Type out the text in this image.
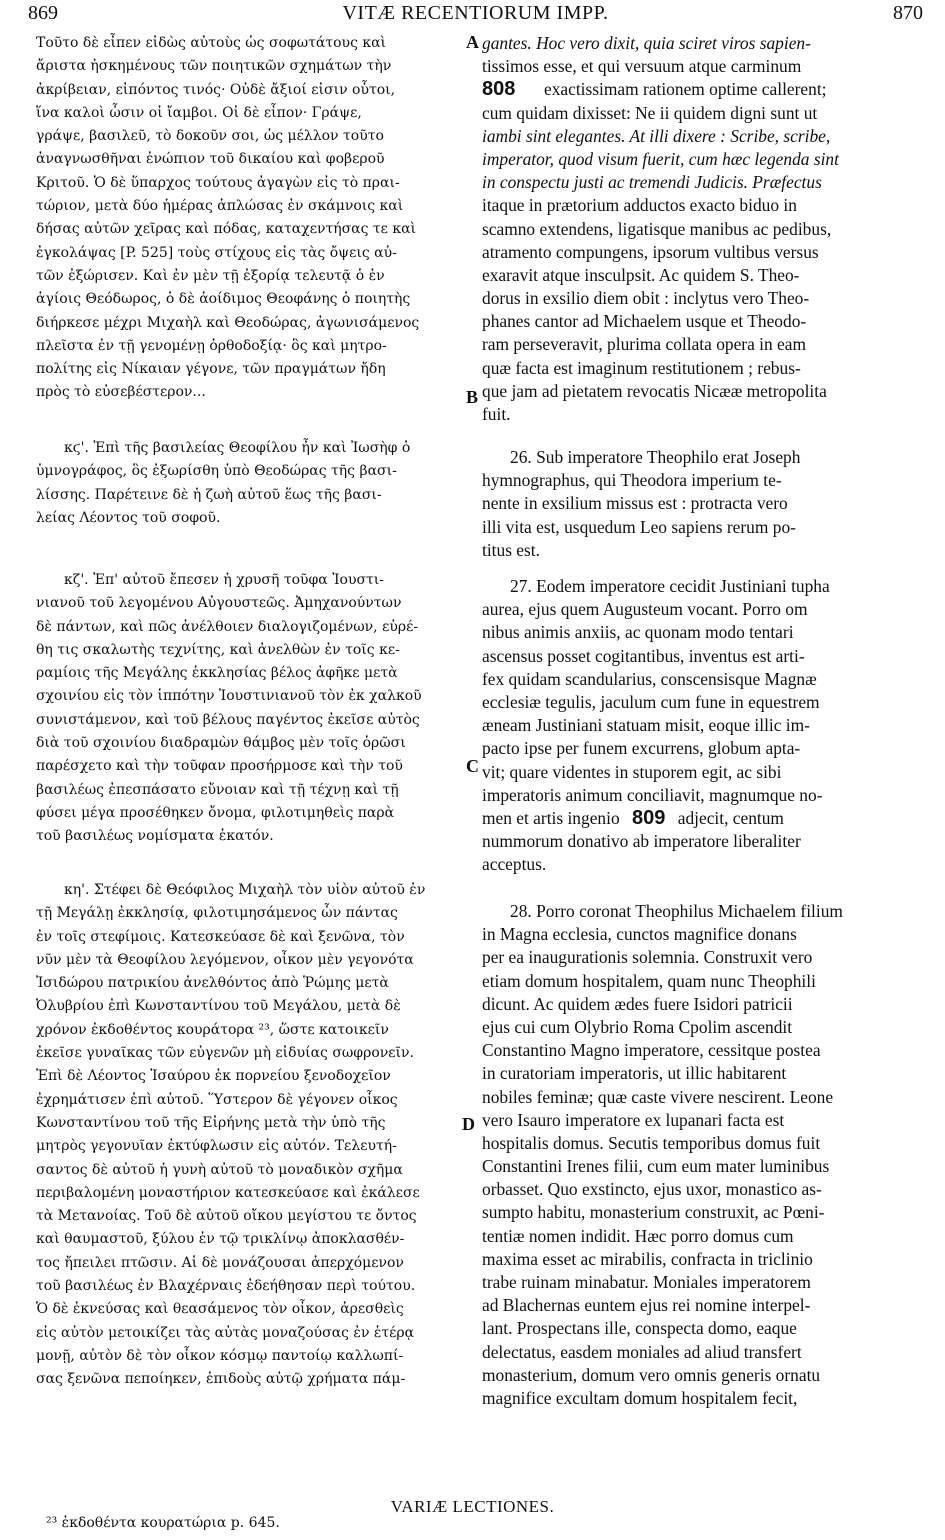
869	VITÆ RECENTIORUM IMPP.	870
Τοῦτο δὲ εἶπεν εἰδὼς αὐτοὺς ὡς σοφωτάτους καὶ
ἄριστα ἠσκημένους τῶν ποιητικῶν σχημάτων τὴν
ἀκρίβειαν, εἰπόντος τινός· Οὐδὲ ἄξιοί εἰσιν οὗτοι,
ἵνα καλοὶ ὦσιν οἱ ἴαμβοι. Οἱ δὲ εἶπον· Γράψε,
γράψε, βασιλεῦ, τὸ δοκοῦν σοι, ὡς μέλλον τοῦτο
ἀναγνωσθῆναι ἐνώπιον τοῦ δικαίου καὶ φοβεροῦ
Κριτοῦ. Ὁ δὲ ὕπαρχος τούτους ἀγαγὼν εἰς τὸ πραι-
τώριον, μετὰ δύο ἡμέρας ἁπλώσας ἐν σκάμνοις καὶ
δήσας αὐτῶν χεῖρας καὶ πόδας, καταχεντήσας τε καὶ
ἐγκολάψας [P. 525] τοὺς στίχους εἰς τὰς ὄψεις αὐ-
τῶν ἐξώρισεν. Καὶ ἐν μὲν τῇ ἐξορίᾳ τελευτᾷ ὁ ἐν
ἁγίοις Θεόδωρος, ὁ δὲ ἀοίδιμος Θεοφάνης ὁ ποιητὴς
διήρκεσε μέχρι Μιχαὴλ καὶ Θεοδώρας, ἀγωνισάμενος
πλεῖστα ἐν τῇ γενομένῃ ὀρθοδοξίᾳ· ὃς καὶ μητρο-
πολίτης εἰς Νίκαιαν γέγονε, τῶν πραγμάτων ἤδη
πρὸς τὸ εὐσεβέστερον...
κϛ'. Ἐπὶ τῆς βασιλείας Θεοφίλου ἦν καὶ Ἰωσὴφ ὁ
ὑμνογράφος, ὃς ἐξωρίσθη ὑπὸ Θεοδώρας τῆς βασι-
λίσσης. Παρέτεινε δὲ ἡ ζωὴ αὐτοῦ ἕως τῆς βασι-
λείας Λέοντος τοῦ σοφοῦ.
κζ'. Ἐπ' αὐτοῦ ἔπεσεν ἡ χρυσῆ τοῦφα Ἰουστι-
νιανοῦ τοῦ λεγομένου Αὐγουστεῶς. Ἀμηχανούντων
δὲ πάντων, καὶ πῶς ἀνέλθοιεν διαλογιζομένων, εὑρέ-
θη τις σκαλωτὴς τεχνίτης, καὶ ἀνελθὼν ἐν τοῖς κε-
ραμίοις τῆς Μεγάλης ἐκκλησίας βέλος ἀφῆκε μετὰ
σχοινίου εἰς τὸν ἱππότην Ἰουστινιανοῦ τὸν ἐκ χαλκοῦ
συνιστάμενον, καὶ τοῦ βέλους παγέντος ἐκεῖσε αὐτὸς
διὰ τοῦ σχοινίου διαδραμὼν θάμβος μὲν τοῖς ὁρῶσι
παρέσχετο καὶ τὴν τοῦφαν προσήρμοσε καὶ τὴν τοῦ
βασιλέως ἐπεσπάσατο εὔνοιαν καὶ τῇ τέχνῃ καὶ τῇ
φύσει μέγα προσέθηκεν ὄνομα, φιλοτιμηθεὶς παρὰ
τοῦ βασιλέως νομίσματα ἑκατόν.
κη'. Στέφει δὲ Θεόφιλος Μιχαὴλ τὸν υἱὸν αὐτοῦ ἐν
τῇ Μεγάλῃ ἐκκλησίᾳ, φιλοτιμησάμενος ὧν πάντας
ἐν τοῖς στεφίμοις. Κατεσκεύασε δὲ καὶ ξενῶνα, τὸν
νῦν μὲν τὰ Θεοφίλου λεγόμενον, οἶκον μὲν γεγονότα
Ἰσιδώρου πατρικίου ἀνελθόντος ἀπὸ Ῥώμης μετὰ
Ὀλυβρίου ἐπὶ Κωνσταντίνου τοῦ Μεγάλου, μετὰ δὲ
χρόνον ἐκδοθέντος κουράτορα ²³, ὥστε κατοικεῖν
ἐκεῖσε γυναῖκας τῶν εὐγενῶν μὴ εἰδυίας σωφρονεῖν.
Ἐπὶ δὲ Λέοντος Ἰσαύρου ἐκ πορνείου ξενοδοχεῖον
ἐχρημάτισεν ἐπὶ αὐτοῦ. Ὕστερον δὲ γέγονεν οἶκος
Κωνσταντίνου τοῦ τῆς Εἰρήνης μετὰ τὴν ὑπὸ τῆς
μητρὸς γεγονυῖαν ἐκτύφλωσιν εἰς αὐτόν. Τελευτή-
σαντος δὲ αὐτοῦ ἡ γυνὴ αὐτοῦ τὸ μοναδικὸν σχῆμα
περιβαλομένη μοναστήριον κατεσκεύασε καὶ ἐκάλεσε
τὰ Μετανοίας. Τοῦ δὲ αὐτοῦ οἴκου μεγίστου τε ὄντος
καὶ θαυμαστοῦ, ξύλου ἐν τῷ τρικλίνῳ ἀποκλασθέν-
τος ἤπειλει πτῶσιν. Αἱ δὲ μονάζουσαι ἀπερχόμενον
τοῦ βασιλέως ἐν Βλαχέρναις ἐδεήθησαν περὶ τούτου.
Ὁ δὲ ἐκνεύσας καὶ θεασάμενος τὸν οἶκον, ἀρεσθεὶς
εἰς αὐτὸν μετοικίζει τὰς αὐτὰς μοναζούσας ἐν ἑτέρᾳ
μονῇ, αὐτὸν δὲ τὸν οἶκον κόσμῳ παντοίῳ καλλωπί-
σας ξενῶνα πεποίηκεν, ἐπιδοὺς αὐτῷ χρήματα πάμ-
A
B
C
D
gantes. Hoc vero dixit, quia sciret viros sapien-
tissimos esse, et qui versuum atque carminum
exactissimam rationem optime callerent;
cum quidam dixisset: Ne ii quidem digni sunt ut
iambi sint elegantes. At illi dixere : Scribe, scribe,
imperator, quod visum fuerit, cum hæc legenda sint
in conspectu justi ac tremendi Judicis. Præfectus
itaque in prætorium adductos exacto biduo in
scamno extendens, ligatisque manibus ac pedibus,
atramento compungens, ipsorum vultibus versus
exaravit atque insculpsit. Ac quidem S. Theo-
dorus in exsilio diem obit : inclytus vero Theo-
phanes cantor ad Michaelem usque et Theodo-
ram perseveravit, plurima collata opera in eam
quæ facta est imaginum restitutionem ; rebus-
que jam ad pietatem revocatis Nicææ metropolita
fuit.
26. Sub imperatore Theophilo erat Joseph
hymnographus, qui Theodora imperium te-
nente in exsilium missus est : protracta vero
illi vita est, usquedum Leo sapiens rerum po-
titus est.
27. Eodem imperatore cecidit Justiniani tupha
aurea, ejus quem Augusteum vocant. Porro om
nibus animis anxiis, ac quonam modo tentari
ascensus posset cogitantibus, inventus est arti-
fex quidam scandularius, conscensisque Magnæ
ecclesiæ tegulis, jaculum cum fune in equestrem
æneam Justiniani statuam misit, eoque illic im-
pacto ipse per funem excurrens, globum apta-
vit; quare videntes in stuporem egit, ac sibi
imperatoris animum conciliavit, magnumque no-
men et artis ingenio 809 adjecit, centum
nummorum donativo ab imperatore liberaliter
acceptus.
28. Porro coronat Theophilus Michaelem filium
in Magna ecclesia, cunctos magnifice donans
per ea inaugurationis solemnia. Construxit vero
etiam domum hospitalem, quam nunc Theophili
dicunt. Ac quidem ædes fuere Isidori patricii
ejus cui cum Olybrio Roma Cpolim ascendit
Constantino Magno imperatore, cessitque postea
in curatoriam imperatoris, ut illic habitarent
nobiles feminæ; quæ caste vivere nescirent. Leone
vero Isauro imperatore ex lupanari facta est
hospitalis domus. Secutis temporibus domus fuit
Constantini Irenes filii, cum eum mater luminibus
orbasset. Quo exstincto, ejus uxor, monastico as-
sumpto habitu, monasterium construxit, ac Pœni-
tentiæ nomen indidit. Hæc porro domus cum
maxima esset ac mirabilis, confracta in triclinio
trabe ruinam minabatur. Moniales imperatorem
ad Blachernas euntem ejus rei nomine interpel-
lant. Prospectans ille, conspecta domo, eaque
delectatus, easdem moniales ad aliud transfert
monasterium, domum vero omnis generis ornatu
magnifice excultam domum hospitalem fecit,
808
VARIÆ LECTIONES.
²³ ἐκδοθέντα κουρατώρια p. 645.
